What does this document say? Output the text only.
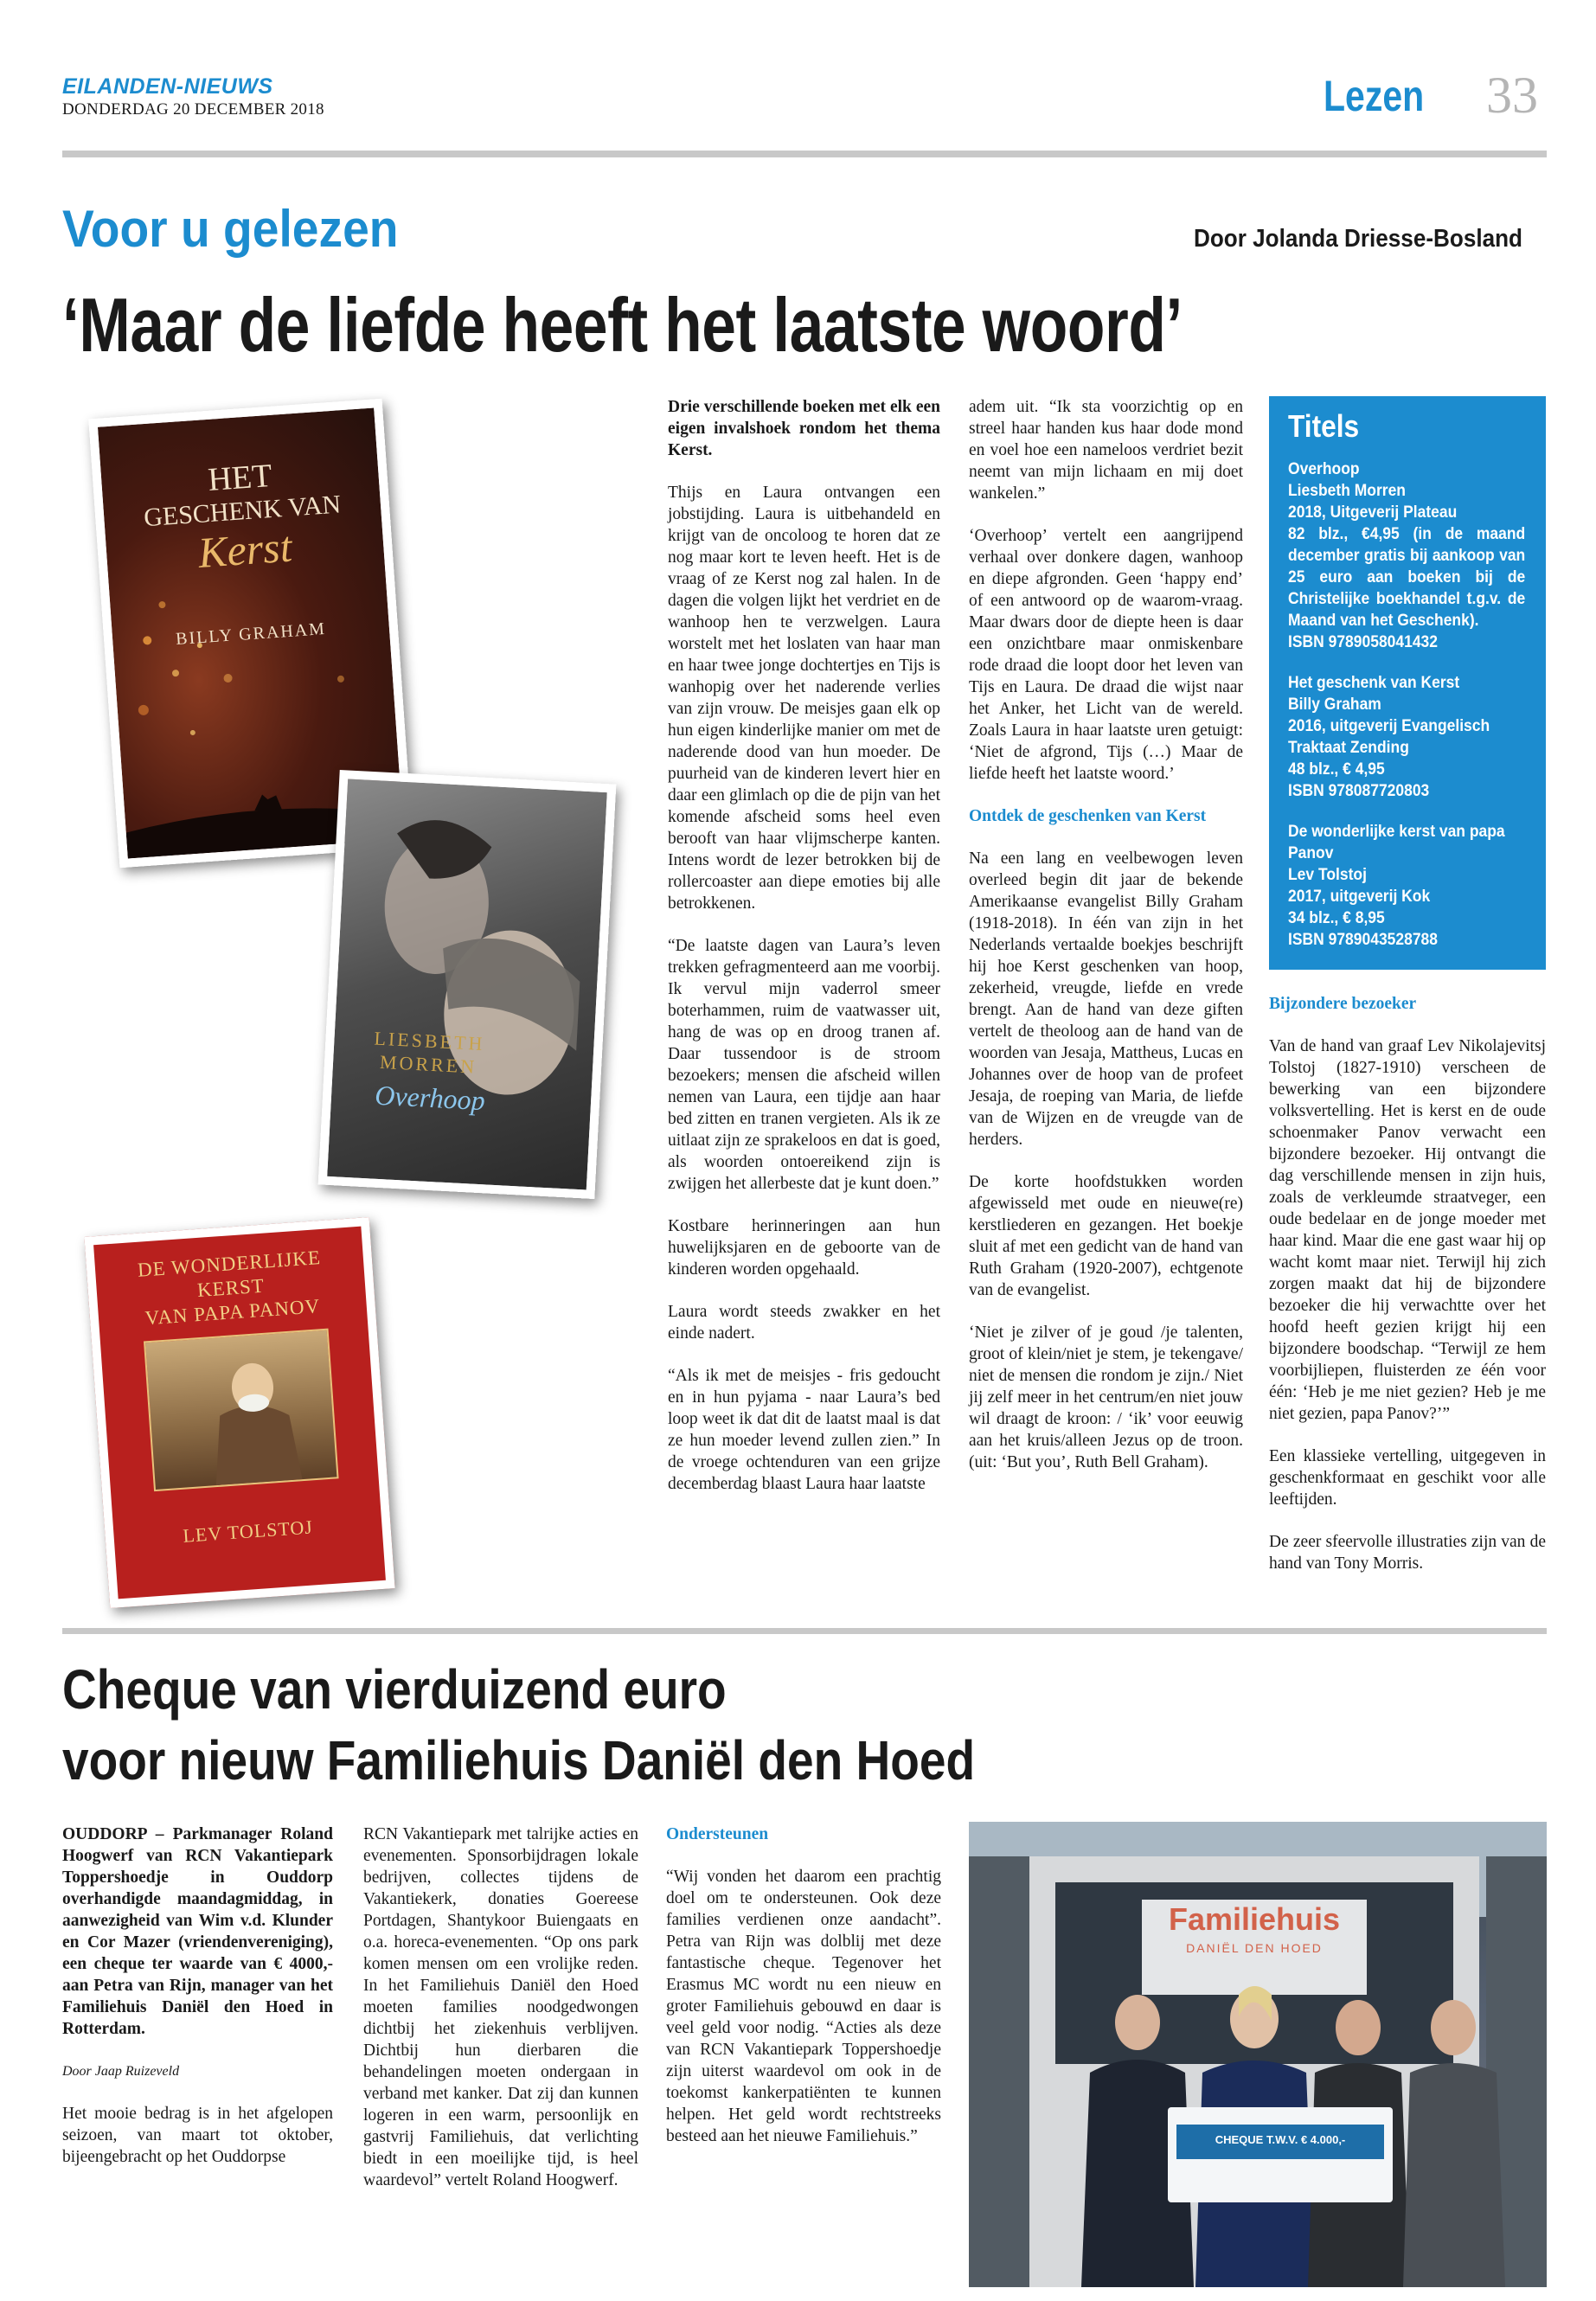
EILANDEN-NIEUWS
DONDERDAG 20 DECEMBER 2018	Lezen 33
Voor u gelezen	Door Jolanda Driesse-Bosland
‘Maar de liefde heeft het laatste woord’
HET
GESCHENK VAN
Kerst
BILLY GRAHAM
LIESBETH
MORREN
Overhoop
DE WONDERLIJKE
KERST
VAN PAPA PANOV
LEV TOLSTOJ

Drie verschillende boeken met elk een eigen invalshoek rondom het thema Kerst.

Thijs en Laura ontvangen een jobstijding. Laura is uitbehandeld en krijgt van de oncoloog te horen dat ze nog maar kort te leven heeft. Het is de vraag of ze Kerst nog zal halen. In de dagen die volgen lijkt het verdriet en de wanhoop hen te verzwelgen. Laura worstelt met het loslaten van haar man en haar twee jonge dochtertjes en Tijs is wanhopig over het naderende verlies van zijn vrouw. De meisjes gaan elk op hun eigen kinderlijke manier om met de naderende dood van hun moeder. De puurheid van de kinderen levert hier en daar een glimlach op die de pijn van het komende afscheid soms heel even berooft van haar vlijmscherpe kanten. Intens wordt de lezer betrokken bij de rollercoaster aan diepe emoties bij alle betrokkenen.

“De laatste dagen van Laura’s leven trekken gefragmenteerd aan me voorbij. Ik vervul mijn vaderrol smeer boterhammen, ruim de vaatwasser uit, hang de was op en droog tranen af. Daar tussendoor is de stroom bezoekers; mensen die afscheid willen nemen van Laura, een tijdje aan haar bed zitten en tranen vergieten. Als ik ze uitlaat zijn ze sprakeloos en dat is goed, als woorden ontoereikend zijn is zwijgen het allerbeste dat je kunt doen.”

Kostbare herinneringen aan hun huwelijksjaren en de geboorte van de kinderen worden opgehaald.

Laura wordt steeds zwakker en het einde nadert.

“Als ik met de meisjes - fris gedoucht en in hun pyjama - naar Laura’s bed loop weet ik dat dit de laatst maal is dat ze hun moeder levend zullen zien.” In de vroege ochtenduren van een grijze decemberdag blaast Laura haar laatste

adem uit. “Ik sta voorzichtig op en streel haar handen kus haar dode mond en voel hoe een nameloos verdriet bezit neemt van mijn lichaam en mij doet wankelen.”

‘Overhoop’ vertelt een aangrijpend verhaal over donkere dagen, wanhoop en diepe afgronden. Geen ‘happy end’ of een antwoord op de waarom-vraag. Maar dwars door de diepte heen is daar een onzichtbare maar onmiskenbare rode draad die loopt door het leven van Tijs en Laura. De draad die wijst naar het Anker, het Licht van de wereld. Zoals Laura in haar laatste uren getuigt: ‘Niet de afgrond, Tijs (…) Maar de liefde heeft het laatste woord.’

Ontdek de geschenken van Kerst

Na een lang en veelbewogen leven overleed begin dit jaar de bekende Amerikaanse evangelist Billy Graham (1918-2018). In één van zijn in het Nederlands vertaalde boekjes beschrijft hij hoe Kerst geschenken van hoop, zekerheid, vreugde, liefde en vrede brengt. Aan de hand van deze giften vertelt de theoloog aan de hand van de woorden van Jesaja, Mattheus, Lucas en Johannes over de hoop van de profeet Jesaja, de roeping van Maria, de liefde van de Wijzen en de vreugde van de herders.

De korte hoofdstukken worden afgewisseld met oude en nieuwe(re) kerstliederen en gezangen. Het boekje sluit af met een gedicht van de hand van Ruth Graham (1920-2007), echtgenote van de evangelist.

‘Niet je zilver of je goud /je talenten, groot of klein/niet je stem, je tekengave/ niet de mensen die rondom je zijn./ Niet jij zelf meer in het centrum/en niet jouw wil draagt de kroon: / ‘ik’ voor eeuwig aan het kruis/alleen Jezus op de troon. (uit: ‘But you’, Ruth Bell Graham).

Titels
Overhoop
Liesbeth Morren
2018, Uitgeverij Plateau
82 blz., €4,95 (in de maand december gratis bij aankoop van 25 euro aan boeken bij de Christelijke boekhandel t.g.v. de Maand van het Geschenk).
ISBN 9789058041432
Het geschenk van Kerst
Billy Graham
2016, uitgeverij Evangelisch Traktaat Zending
48 blz., € 4,95
ISBN 978087720803
De wonderlijke kerst van papa Panov
Lev Tolstoj
2017, uitgeverij Kok
34 blz., € 8,95
ISBN 9789043528788

Bijzondere bezoeker

Van de hand van graaf Lev Nikolajevitsj Tolstoj (1827-1910) verscheen de bewerking van een bijzondere volksvertelling. Het is kerst en de oude schoenmaker Panov verwacht een bijzondere bezoeker. Hij ontvangt die dag verschillende mensen in zijn huis, zoals de verkleumde straatveger, een oude bedelaar en de jonge moeder met haar kind. Maar die ene gast waar hij op wacht komt maar niet. Terwijl hij zich zorgen maakt dat hij de bijzondere bezoeker die hij verwachtte over het hoofd heeft gezien krijgt hij een bijzondere boodschap. “Terwijl ze hem voorbijliepen, fluisterden ze één voor één: ‘Heb je me niet gezien? Heb je me niet gezien, papa Panov?’”

Een klassieke vertelling, uitgegeven in geschenkformaat en geschikt voor alle leeftijden.

De zeer sfeervolle illustraties zijn van de hand van Tony Morris.

Cheque van vierduizend euro
voor nieuw Familiehuis Daniël den Hoed

OUDDORP – Parkmanager Roland Hoogwerf van RCN Vakantiepark Toppershoedje in Ouddorp overhandigde maandagmiddag, in aanwezigheid van Wim v.d. Klunder en Cor Mazer (vriendenvereniging), een cheque ter waarde van € 4000,- aan Petra van Rijn, manager van het Familiehuis Daniël den Hoed in Rotterdam.

Door Jaap Ruizeveld

Het mooie bedrag is in het afgelopen seizoen, van maart tot oktober, bijeengebracht op het Ouddorpse

RCN Vakantiepark met talrijke acties en evenementen. Sponsorbijdragen lokale bedrijven, collectes tijdens de Vakantiekerk, donaties Goereese Portdagen, Shantykoor Buiengaats en o.a. horeca-evenementen. “Op ons park komen mensen om een vrolijke reden. In het Familiehuis Daniël den Hoed moeten families noodgedwongen dichtbij het ziekenhuis verblijven. Dichtbij hun dierbaren die behandelingen moeten ondergaan in verband met kanker. Dat zij dan kunnen logeren in een warm, persoonlijk en gastvrij Familiehuis, dat verlichting biedt in een moeilijke tijd, is heel waardevol” vertelt Roland Hoogwerf.

Ondersteunen

“Wij vonden het daarom een prachtig doel om te ondersteunen. Ook deze families verdienen onze aandacht”. Petra van Rijn was dolblij met deze fantastische cheque. Tegenover het Erasmus MC wordt nu een nieuw en groter Familiehuis gebouwd en daar is veel geld voor nodig. “Acties als deze van RCN Vakantiepark Toppershoedje zijn uiterst waardevol om ook in de toekomst kankerpatiënten te kunnen helpen. Het geld wordt rechtstreeks besteed aan het nieuwe Familiehuis.”

Familiehuis
DANIËL DEN HOED
CHEQUE T.W.V. € 4.000,-
